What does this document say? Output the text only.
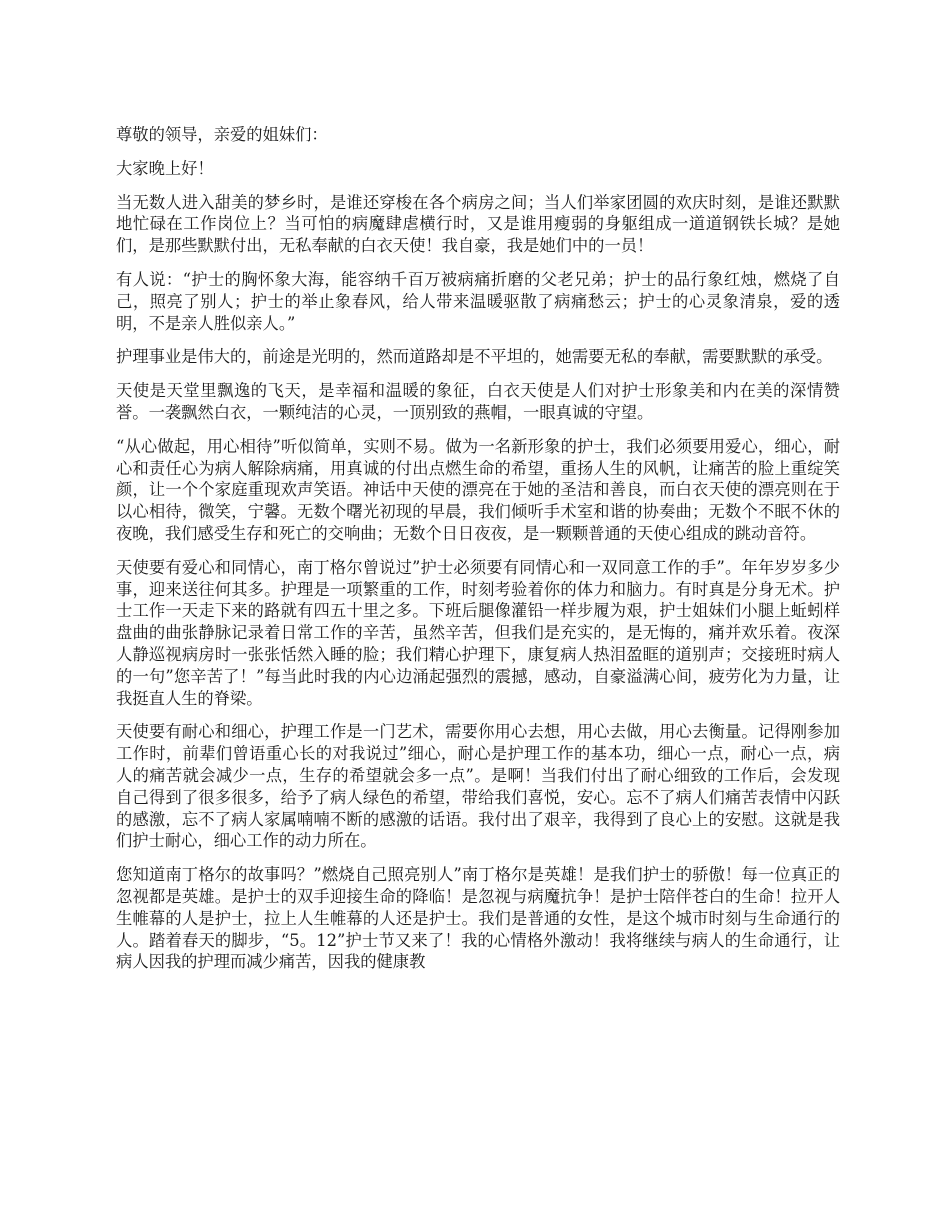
尊敬的领导，亲爱的姐妹们：

大家晚上好！

当无数人进入甜美的梦乡时，是谁还穿梭在各个病房之间；当人们举家团圆的欢庆时刻，是谁还默默地忙碌在工作岗位上？当可怕的病魔肆虐横行时，又是谁用瘦弱的身躯组成一道道钢铁长城？是她们，是那些默默付出，无私奉献的白衣天使！我自豪，我是她们中的一员！

有人说：“护士的胸怀象大海，能容纳千百万被病痛折磨的父老兄弟；护士的品行象红烛，燃烧了自己，照亮了别人；护士的举止象春风，给人带来温暖驱散了病痛愁云；护士的心灵象清泉，爱的透明，不是亲人胜似亲人。”

护理事业是伟大的，前途是光明的，然而道路却是不平坦的，她需要无私的奉献，需要默默的承受。

天使是天堂里飘逸的飞天，是幸福和温暖的象征，白衣天使是人们对护士形象美和内在美的深情赞誉。一袭飘然白衣，一颗纯洁的心灵，一顶别致的燕帽，一眼真诚的守望。

“从心做起，用心相待”听似简单，实则不易。做为一名新形象的护士，我们必须要用爱心，细心，耐心和责任心为病人解除病痛，用真诚的付出点燃生命的希望，重扬人生的风帆，让痛苦的脸上重绽笑颜，让一个个家庭重现欢声笑语。神话中天使的漂亮在于她的圣洁和善良，而白衣天使的漂亮则在于以心相待，微笑，宁馨。无数个曙光初现的早晨，我们倾听手术室和谐的协奏曲；无数个不眠不休的夜晚，我们感受生存和死亡的交响曲；无数个日日夜夜，是一颗颗普通的天使心组成的跳动音符。

天使要有爱心和同情心，南丁格尔曾说过”护士必须要有同情心和一双同意工作的手”。年年岁岁多少事，迎来送往何其多。护理是一项繁重的工作，时刻考验着你的体力和脑力。有时真是分身无术。护士工作一天走下来的路就有四五十里之多。下班后腿像灌铅一样步履为艰，护士姐妹们小腿上蚯蚓样盘曲的曲张静脉记录着日常工作的辛苦，虽然辛苦，但我们是充实的，是无悔的，痛并欢乐着。夜深人静巡视病房时一张张恬然入睡的脸；我们精心护理下，康复病人热泪盈眶的道别声；交接班时病人的一句”您辛苦了！”每当此时我的内心边涌起强烈的震撼，感动，自豪溢满心间，疲劳化为力量，让我挺直人生的脊梁。

天使要有耐心和细心，护理工作是一门艺术，需要你用心去想，用心去做，用心去衡量。记得刚参加工作时，前辈们曾语重心长的对我说过”细心，耐心是护理工作的基本功，细心一点，耐心一点，病人的痛苦就会减少一点，生存的希望就会多一点”。是啊！当我们付出了耐心细致的工作后，会发现自己得到了很多很多，给予了病人绿色的希望，带给我们喜悦，安心。忘不了病人们痛苦表情中闪跃的感激，忘不了病人家属喃喃不断的感激的话语。我付出了艰辛，我得到了良心上的安慰。这就是我们护士耐心，细心工作的动力所在。

您知道南丁格尔的故事吗？”燃烧自己照亮别人”南丁格尔是英雄！是我们护士的骄傲！每一位真正的忽视都是英雄。是护士的双手迎接生命的降临！是忽视与病魔抗争！是护士陪伴苍白的生命！拉开人生帷幕的人是护士，拉上人生帷幕的人还是护士。我们是普通的女性，是这个城市时刻与生命通行的人。踏着春天的脚步，“5。12”护士节又来了！我的心情格外激动！我将继续与病人的生命通行，让病人因我的护理而减少痛苦，因我的健康教
